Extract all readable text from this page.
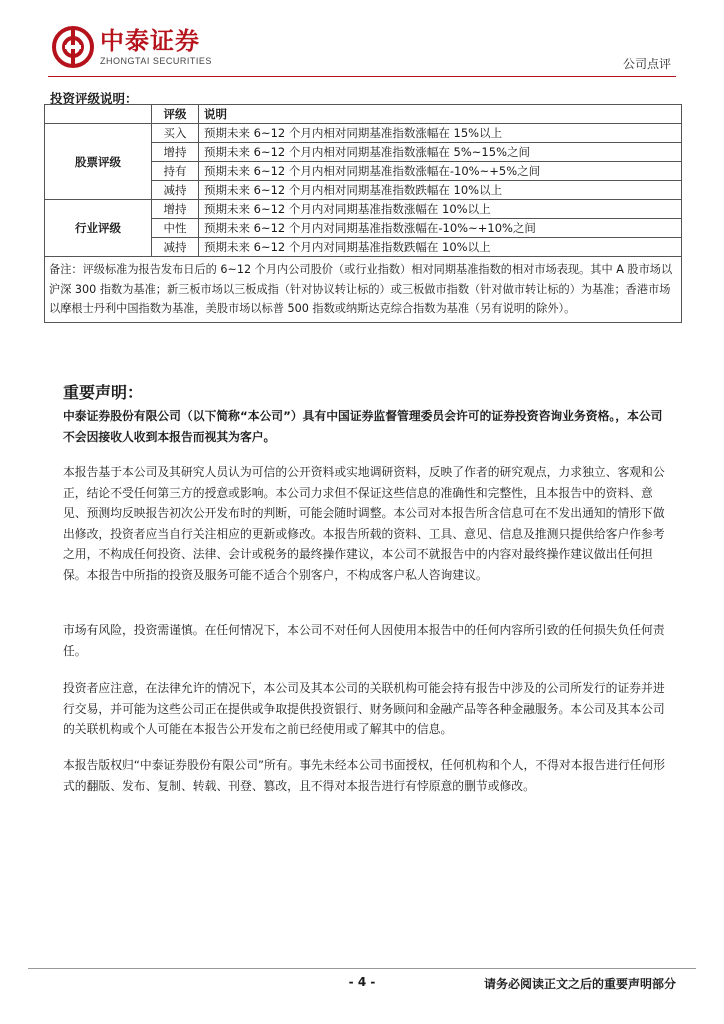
中泰证券
ZHONGTAI SECURITIES	公司点评
投资评级说明：
	评级	说明
股票评级	买入	预期未来 6~12 个月内相对同期基准指数涨幅在 15%以上
	增持	预期未来 6~12 个月内相对同期基准指数涨幅在 5%~15%之间
	持有	预期未来 6~12 个月内相对同期基准指数涨幅在-10%~+5%之间
	减持	预期未来 6~12 个月内相对同期基准指数跌幅在 10%以上
行业评级	增持	预期未来 6~12 个月内对同期基准指数涨幅在 10%以上
	中性	预期未来 6~12 个月内对同期基准指数涨幅在-10%~+10%之间
	减持	预期未来 6~12 个月内对同期基准指数跌幅在 10%以上
备注：评级标准为报告发布日后的 6~12 个月内公司股价（或行业指数）相对同期基准指数的相对市场表现。其中 A 股市场以沪深 300 指数为基准；新三板市场以三板成指（针对协议转让标的）或三板做市指数（针对做市转让标的）为基准；香港市场以摩根士丹利中国指数为基准，美股市场以标普 500 指数或纳斯达克综合指数为基准（另有说明的除外）。		
重要声明：
中泰证券股份有限公司（以下简称“本公司”）具有中国证券监督管理委员会许可的证券投资咨询业务资格。，本公司不会因接收人收到本报告而视其为客户。
本报告基于本公司及其研究人员认为可信的公开资料或实地调研资料，反映了作者的研究观点，力求独立、客观和公正，结论不受任何第三方的授意或影响。本公司力求但不保证这些信息的准确性和完整性，且本报告中的资料、意见、预测均反映报告初次公开发布时的判断，可能会随时调整。本公司对本报告所含信息可在不发出通知的情形下做出修改，投资者应当自行关注相应的更新或修改。本报告所载的资料、工具、意见、信息及推测只提供给客户作参考之用，不构成任何投资、法律、会计或税务的最终操作建议，本公司不就报告中的内容对最终操作建议做出任何担保。本报告中所指的投资及服务可能不适合个别客户，不构成客户私人咨询建议。
市场有风险，投资需谨慎。在任何情况下，本公司不对任何人因使用本报告中的任何内容所引致的任何损失负任何责任。
投资者应注意，在法律允许的情况下，本公司及其本公司的关联机构可能会持有报告中涉及的公司所发行的证券并进行交易，并可能为这些公司正在提供或争取提供投资银行、财务顾问和金融产品等各种金融服务。本公司及其本公司的关联机构或个人可能在本报告公开发布之前已经使用或了解其中的信息。
本报告版权归“中泰证券股份有限公司”所有。事先未经本公司书面授权，任何机构和个人，不得对本报告进行任何形式的翻版、发布、复制、转载、刊登、篡改，且不得对本报告进行有悖原意的删节或修改。
- 4 -	请务必阅读正文之后的重要声明部分
